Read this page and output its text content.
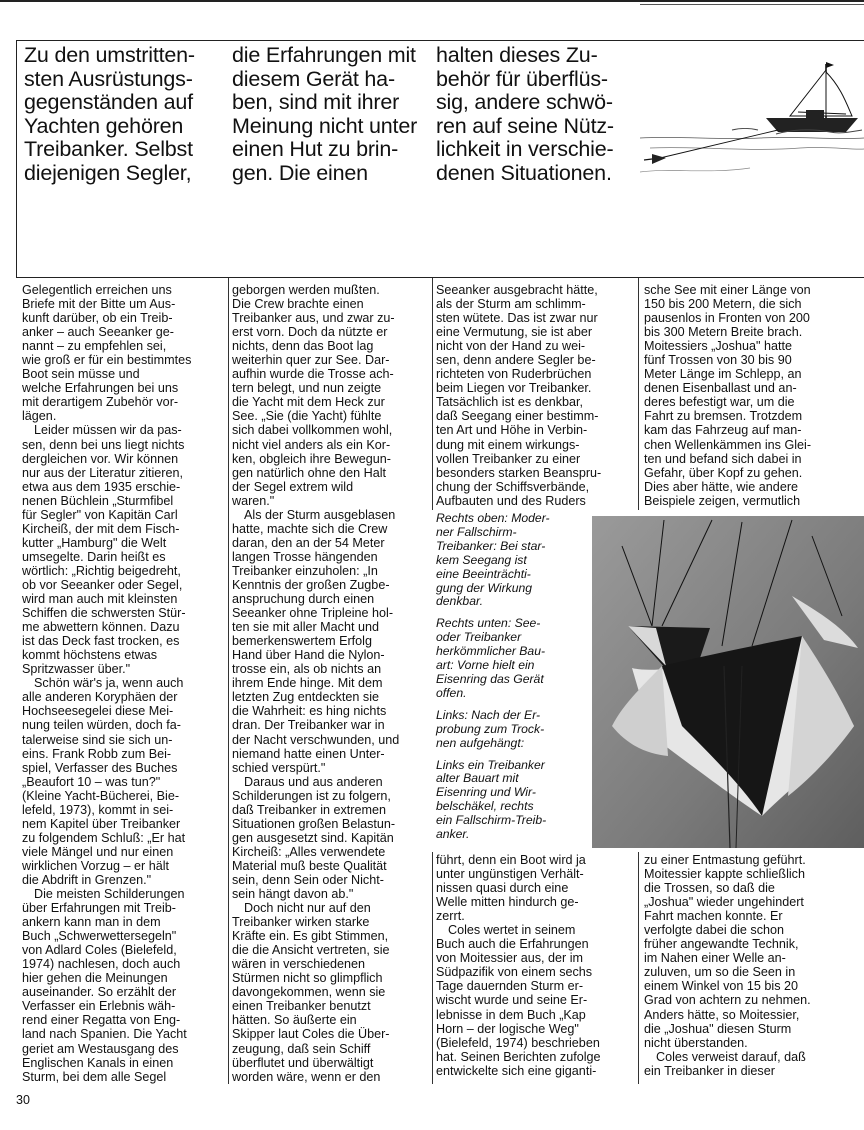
Zu den umstritten-
sten Ausrüstungs-
gegenständen auf
Yachten gehören
Treibanker. Selbst
diejenigen Segler,

die Erfahrungen mit
diesem Gerät ha-
ben, sind mit ihrer
Meinung nicht unter
einen Hut zu brin-
gen. Die einen

halten dieses Zu-
behör für überflüs-
sig, andere schwö-
ren auf seine Nütz-
lichkeit in verschie-
denen Situationen.

Gelegentlich erreichen uns
Briefe mit der Bitte um Aus-
kunft darüber, ob ein Treib-
anker – auch Seeanker ge-
nannt – zu empfehlen sei,
wie groß er für ein bestimmtes
Boot sein müsse und
welche Erfahrungen bei uns
mit derartigem Zubehör vor-
lägen.

Leider müssen wir da pas-
sen, denn bei uns liegt nichts
dergleichen vor. Wir können
nur aus der Literatur zitieren,
etwa aus dem 1935 erschie-
nenen Büchlein „Sturmfibel
für Segler" von Kapitän Carl
Kircheiß, der mit dem Fisch-
kutter „Hamburg" die Welt
umsegelte. Darin heißt es
wörtlich: „Richtig beigedreht,
ob vor Seeanker oder Segel,
wird man auch mit kleinsten
Schiffen die schwersten Stür-
me abwettern können. Dazu
ist das Deck fast trocken, es
kommt höchstens etwas
Spritzwasser über."

Schön wär's ja, wenn auch
alle anderen Koryphäen der
Hochseesegelei diese Mei-
nung teilen würden, doch fa-
talerweise sind sie sich un-
eins. Frank Robb zum Bei-
spiel, Verfasser des Buches
„Beaufort 10 – was tun?"
(Kleine Yacht-Bücherei, Bie-
lefeld, 1973), kommt in sei-
nem Kapitel über Treibanker
zu folgendem Schluß: „Er hat
viele Mängel und nur einen
wirklichen Vorzug – er hält
die Abdrift in Grenzen."

Die meisten Schilderungen
über Erfahrungen mit Treib-
ankern kann man in dem
Buch „Schwerwettersegeln"
von Adlard Coles (Bielefeld,
1974) nachlesen, doch auch
hier gehen die Meinungen
auseinander. So erzählt der
Verfasser ein Erlebnis wäh-
rend einer Regatta von Eng-
land nach Spanien. Die Yacht
geriet am Westausgang des
Englischen Kanals in einen
Sturm, bei dem alle Segel

geborgen werden mußten.
Die Crew brachte einen
Treibanker aus, und zwar zu-
erst vorn. Doch da nützte er
nichts, denn das Boot lag
weiterhin quer zur See. Dar-
aufhin wurde die Trosse ach-
tern belegt, und nun zeigte
die Yacht mit dem Heck zur
See. „Sie (die Yacht) fühlte
sich dabei vollkommen wohl,
nicht viel anders als ein Kor-
ken, obgleich ihre Bewegun-
gen natürlich ohne den Halt
der Segel extrem wild
waren."

Als der Sturm ausgeblasen
hatte, machte sich die Crew
daran, den an der 54 Meter
langen Trosse hängenden
Treibanker einzuholen: „In
Kenntnis der großen Zugbe-
anspruchung durch einen
Seeanker ohne Tripleine hol-
ten sie mit aller Macht und
bemerkenswertem Erfolg
Hand über Hand die Nylon-
trosse ein, als ob nichts an
ihrem Ende hinge. Mit dem
letzten Zug entdeckten sie
die Wahrheit: es hing nichts
dran. Der Treibanker war in
der Nacht verschwunden, und
niemand hatte einen Unter-
schied verspürt."

Daraus und aus anderen
Schilderungen ist zu folgern,
daß Treibanker in extremen
Situationen großen Belastun-
gen ausgesetzt sind. Kapitän
Kircheiß: „Alles verwendete
Material muß beste Qualität
sein, denn Sein oder Nicht-
sein hängt davon ab."

Doch nicht nur auf den
Treibanker wirken starke
Kräfte ein. Es gibt Stimmen,
die die Ansicht vertreten, sie
wären in verschiedenen
Stürmen nicht so glimpflich
davongekommen, wenn sie
einen Treibanker benutzt
hätten. So äußerte ein
Skipper laut Coles die Über-
zeugung, daß sein Schiff
überflutet und überwältigt
worden wäre, wenn er den

Seeanker ausgebracht hätte,
als der Sturm am schlimm-
sten wütete. Das ist zwar nur
eine Vermutung, sie ist aber
nicht von der Hand zu wei-
sen, denn andere Segler be-
richteten von Ruderbrüchen
beim Liegen vor Treibanker.
Tatsächlich ist es denkbar,
daß Seegang einer bestimm-
ten Art und Höhe in Verbin-
dung mit einem wirkungs-
vollen Treibanker zu einer
besonders starken Beanspru-
chung der Schiffsverbände,
Aufbauten und des Ruders

sche See mit einer Länge von
150 bis 200 Metern, die sich
pausenlos in Fronten von 200
bis 300 Metern Breite brach.
Moitessiers „Joshua" hatte
fünf Trossen von 30 bis 90
Meter Länge im Schlepp, an
denen Eisenballast und an-
deres befestigt war, um die
Fahrt zu bremsen. Trotzdem
kam das Fahrzeug auf man-
chen Wellenkämmen ins Glei-
ten und befand sich dabei in
Gefahr, über Kopf zu gehen.
Dies aber hätte, wie andere
Beispiele zeigen, vermutlich

Rechts oben: Moder-
ner Fallschirm-
Treibanker: Bei star-
kem Seegang ist
eine Beeinträchti-
gung der Wirkung
denkbar.

Rechts unten: See-
oder Treibanker
herkömmlicher Bau-
art: Vorne hielt ein
Eisenring das Gerät
offen.

Links: Nach der Er-
probung zum Trock-
nen aufgehängt:

Links ein Treibanker
alter Bauart mit
Eisenring und Wir-
belschäkel, rechts
ein Fallschirm-Treib-
anker.

führt, denn ein Boot wird ja
unter ungünstigen Verhält-
nissen quasi durch eine
Welle mitten hindurch ge-
zerrt.

Coles wertet in seinem
Buch auch die Erfahrungen
von Moitessier aus, der im
Südpazifik von einem sechs
Tage dauernden Sturm er-
wischt wurde und seine Er-
lebnisse in dem Buch „Kap
Horn – der logische Weg"
(Bielefeld, 1974) beschrieben
hat. Seinen Berichten zufolge
entwickelte sich eine giganti-

zu einer Entmastung geführt.
Moitessier kappte schließlich
die Trossen, so daß die
„Joshua" wieder ungehindert
Fahrt machen konnte. Er
verfolgte dabei die schon
früher angewandte Technik,
im Nahen einer Welle an-
zuluven, um so die Seen in
einem Winkel von 15 bis 20
Grad von achtern zu nehmen.
Anders hätte, so Moitessier,
die „Joshua" diesen Sturm
nicht überstanden.

Coles verweist darauf, daß
ein Treibanker in dieser

30
